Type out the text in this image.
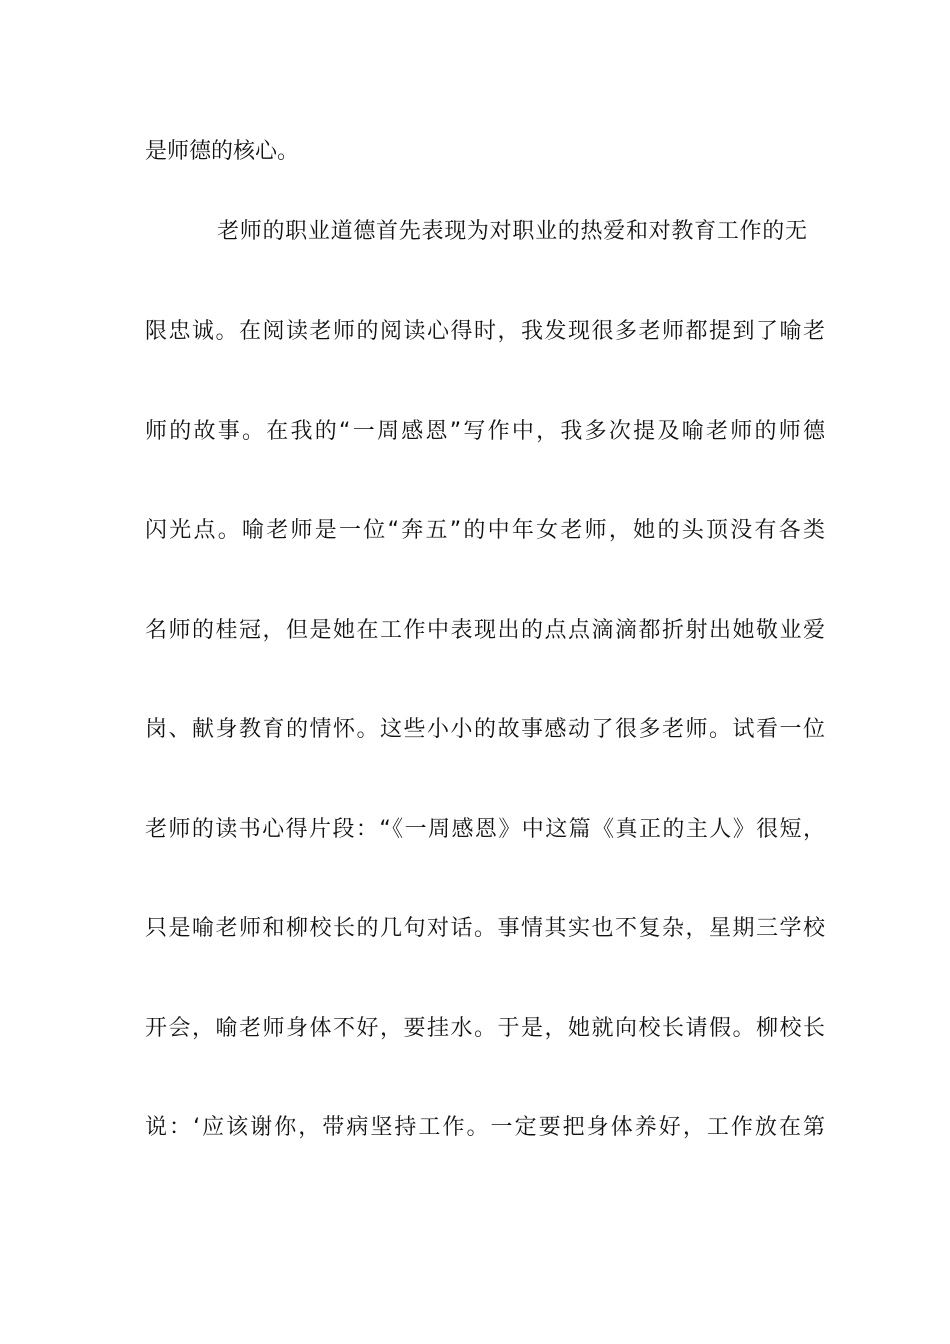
是师德的核心。

老师的职业道德首先表现为对职业的热爱和对教育工作的无

限忠诚。在阅读老师的阅读心得时，我发现很多老师都提到了喻老

师的故事。在我的“一周感恩”写作中，我多次提及喻老师的师德

闪光点。喻老师是一位“奔五”的中年女老师，她的头顶没有各类

名师的桂冠，但是她在工作中表现出的点点滴滴都折射出她敬业爱

岗、献身教育的情怀。这些小小的故事感动了很多老师。试看一位

老师的读书心得片段：“《一周感恩》中这篇《真正的主人》很短，

只是喻老师和柳校长的几句对话。事情其实也不复杂，星期三学校

开会，喻老师身体不好，要挂水。于是，她就向校长请假。柳校长

说：‘应该谢你，带病坚持工作。一定要把身体养好，工作放在第
